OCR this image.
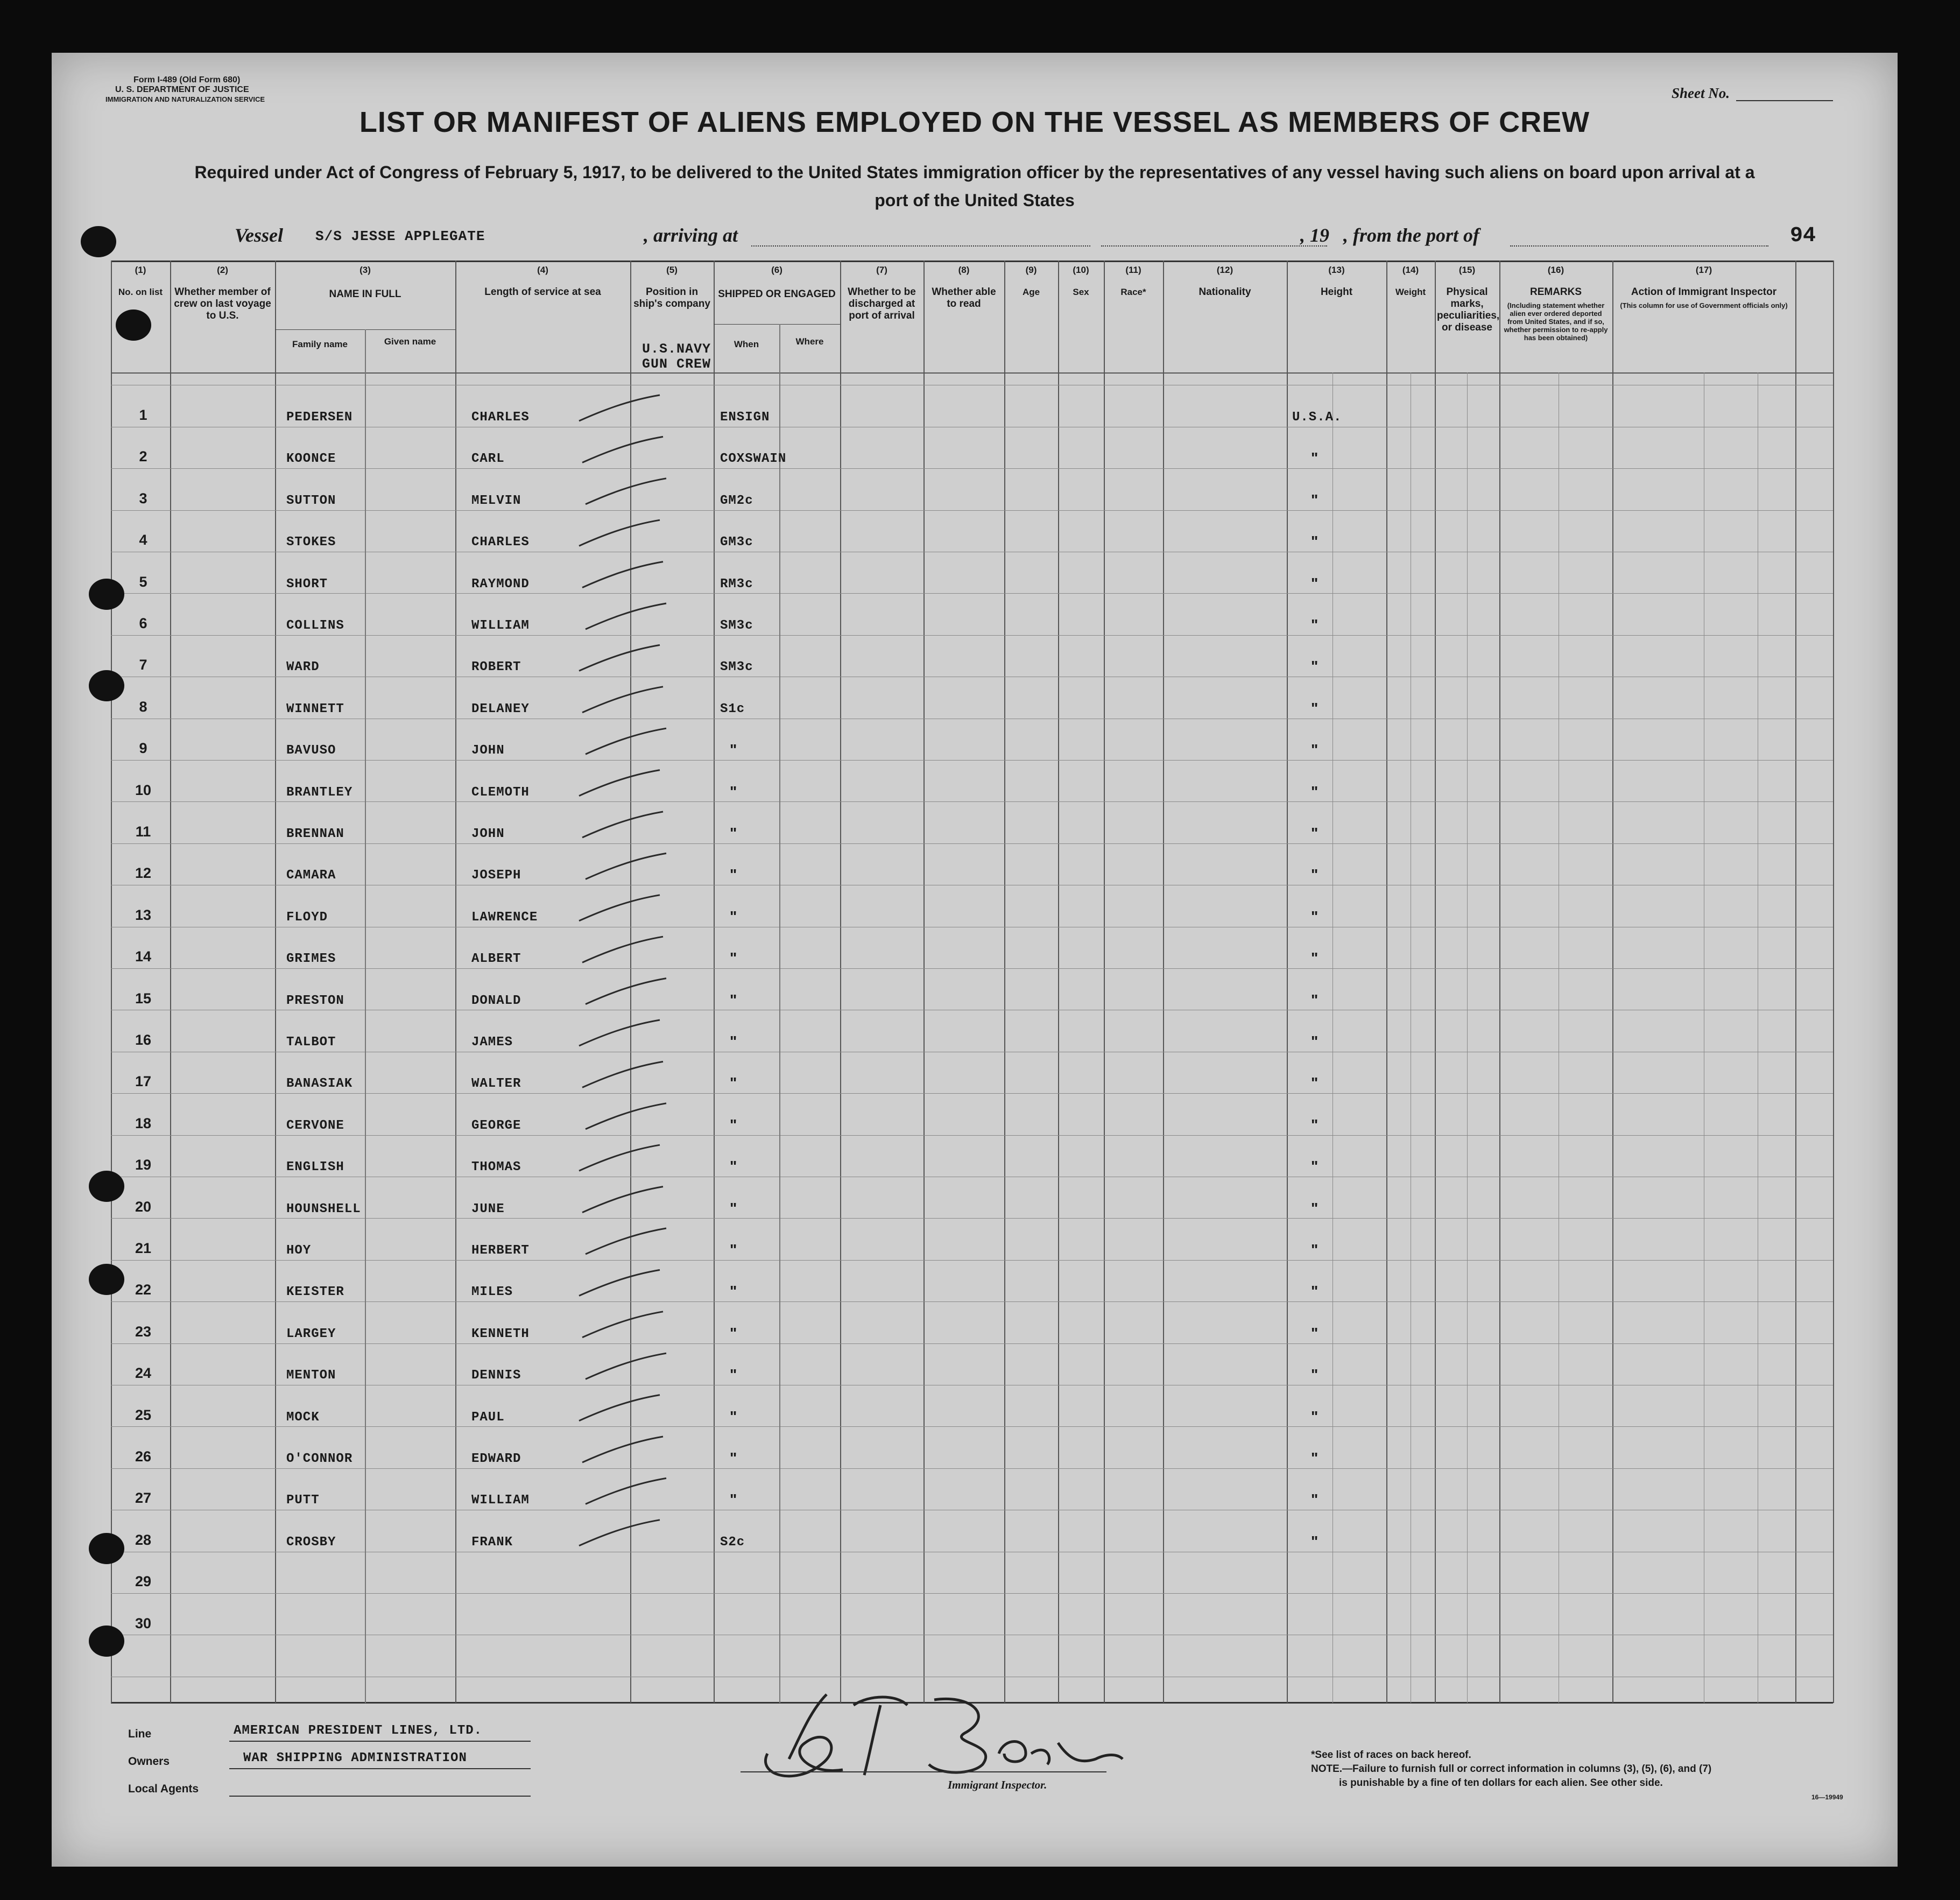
Form I-489 (Old Form 680)
U. S. DEPARTMENT OF JUSTICE
IMMIGRATION AND NATURALIZATION SERVICE	Sheet No.
LIST OR MANIFEST OF ALIENS EMPLOYED ON THE VESSEL AS MEMBERS OF CREW
Required under Act of Congress of February 5, 1917, to be delivered to the United States immigration officer by the representatives of any vessel having such aliens on board upon arrival at a
port of the United States
Vessel S/S JESSE APPLEGATE	, arriving at	, 19 , from the port of	94
(1)
No. on list
(2)
Whether member of crew on last voyage to U.S.
(3)
NAME IN FULL
Family name	Given name
(4)
Length of service at sea
(5)
Position in ship's company
(6)
SHIPPED OR ENGAGED
When	Where
(7)
Whether to be discharged at port of arrival
(8)
Whether able to read
(9)
Age
(10)
Sex
(11)
Race*
(12)
Nationality
(13)
Height
(14)
Weight
(15)
Physical marks, peculiarities, or disease
(16)
REMARKS
(Including statement whether alien ever ordered deported from United States, and if so, whether permission to re-apply has been obtained)
(17)
Action of Immigrant Inspector
(This column for use of Government officials only)
U.S.NAVY
GUN CREW
1	PEDERSEN	CHARLES	ENSIGN	U.S.A.
2	KOONCE	CARL	COXSWAIN	"
3	SUTTON	MELVIN	GM2c	"
4	STOKES	CHARLES	GM3c	"
5	SHORT	RAYMOND	RM3c	"
6	COLLINS	WILLIAM	SM3c	"
7	WARD	ROBERT	SM3c	"
8	WINNETT	DELANEY	S1c	"
9	BAVUSO	JOHN	"	"
10	BRANTLEY	CLEMOTH	"	"
11	BRENNAN	JOHN	"	"
12	CAMARA	JOSEPH	"	"
13	FLOYD	LAWRENCE	"	"
14	GRIMES	ALBERT	"	"
15	PRESTON	DONALD	"	"
16	TALBOT	JAMES	"	"
17	BANASIAK	WALTER	"	"
18	CERVONE	GEORGE	"	"
19	ENGLISH	THOMAS	"	"
20	HOUNSHELL	JUNE	"	"
21	HOY	HERBERT	"	"
22	KEISTER	MILES	"	"
23	LARGEY	KENNETH	"	"
24	MENTON	DENNIS	"	"
25	MOCK	PAUL	"	"
26	O'CONNOR	EDWARD	"	"
27	PUTT	WILLIAM	"	"
28	CROSBY	FRANK	S2c	"
29
30
Line	AMERICAN PRESIDENT LINES, LTD.
Owners	WAR SHIPPING ADMINISTRATION
Local Agents	Immigrant Inspector.
*See list of races on back hereof.
NOTE.—Failure to furnish full or correct information in columns (3), (5), (6), and (7)
is punishable by a fine of ten dollars for each alien. See other side.
16—19949
